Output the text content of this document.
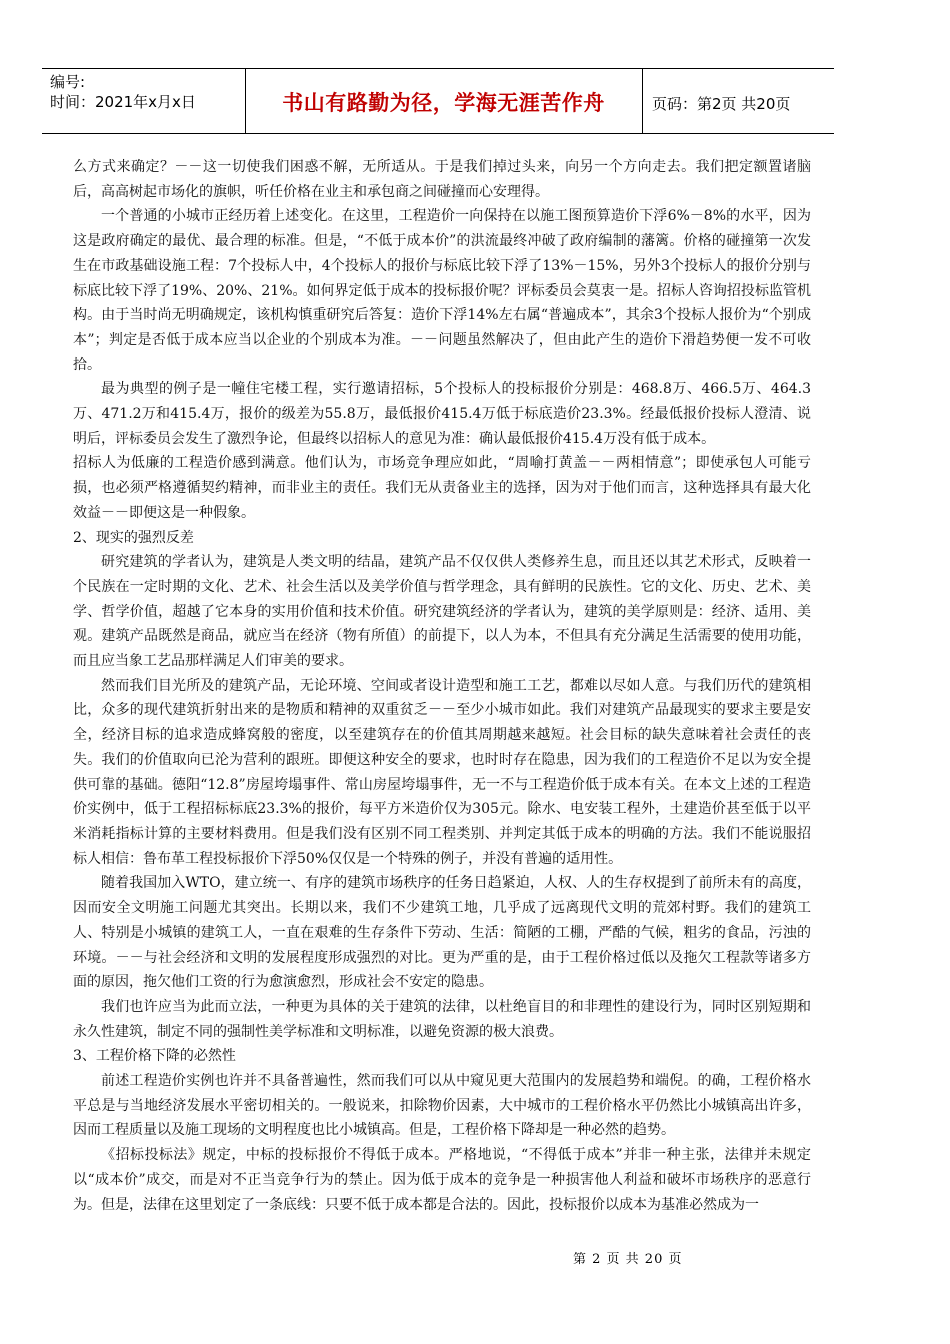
编号:
时间：2021年x月x日	书山有路勤为径，学海无涯苦作舟	页码：第2页 共20页

么方式来确定？－－这一切使我们困惑不解，无所适从。于是我们掉过头来，向另一个方向走去。我们把定额置诸脑后，高高树起市场化的旗帜，听任价格在业主和承包商之间碰撞而心安理得。

一个普通的小城市正经历着上述变化。在这里，工程造价一向保持在以施工图预算造价下浮6%－8%的水平，因为这是政府确定的最优、最合理的标准。但是，“不低于成本价”的洪流最终冲破了政府编制的藩篱。价格的碰撞第一次发生在市政基础设施工程：7个投标人中，4个投标人的报价与标底比较下浮了13%－15%，另外3个投标人的报价分别与标底比较下浮了19%、20%、21%。如何界定低于成本的投标报价呢？评标委员会莫衷一是。招标人咨询招投标监管机构。由于当时尚无明确规定，该机构慎重研究后答复：造价下浮14%左右属“普遍成本”，其余3个投标人报价为“个别成本”；判定是否低于成本应当以企业的个别成本为准。－－问题虽然解决了，但由此产生的造价下滑趋势便一发不可收拾。

最为典型的例子是一幢住宅楼工程，实行邀请招标，5个投标人的投标报价分别是：468.8万、466.5万、464.3万、471.2万和415.4万，报价的级差为55.8万，最低报价415.4万低于标底造价23.3%。经最低报价投标人澄清、说明后，评标委员会发生了激烈争论，但最终以招标人的意见为准：确认最低报价415.4万没有低于成本。

招标人为低廉的工程造价感到满意。他们认为，市场竞争理应如此，“周喻打黄盖－－两相情意”；即使承包人可能亏损，也必须严格遵循契约精神，而非业主的责任。我们无从责备业主的选择，因为对于他们而言，这种选择具有最大化效益－－即便这是一种假象。

2、现实的强烈反差

研究建筑的学者认为，建筑是人类文明的结晶，建筑产品不仅仅供人类修养生息，而且还以其艺术形式，反映着一个民族在一定时期的文化、艺术、社会生活以及美学价值与哲学理念，具有鲜明的民族性。它的文化、历史、艺术、美学、哲学价值，超越了它本身的实用价值和技术价值。研究建筑经济的学者认为，建筑的美学原则是：经济、适用、美观。建筑产品既然是商品，就应当在经济（物有所值）的前提下，以人为本，不但具有充分满足生活需要的使用功能，而且应当象工艺品那样满足人们审美的要求。

然而我们目光所及的建筑产品，无论环境、空间或者设计造型和施工工艺，都难以尽如人意。与我们历代的建筑相比，众多的现代建筑折射出来的是物质和精神的双重贫乏－－至少小城市如此。我们对建筑产品最现实的要求主要是安全，经济目标的追求造成蜂窝般的密度，以至建筑存在的价值其周期越来越短。社会目标的缺失意味着社会责任的丧失。我们的价值取向已沦为营利的跟班。即便这种安全的要求，也时时存在隐患，因为我们的工程造价不足以为安全提供可靠的基础。德阳“12.8”房屋垮塌事件、常山房屋垮塌事件，无一不与工程造价低于成本有关。在本文上述的工程造价实例中，低于工程招标标底23.3%的报价，每平方米造价仅为305元。除水、电安装工程外，土建造价甚至低于以平米消耗指标计算的主要材料费用。但是我们没有区别不同工程类别、并判定其低于成本的明确的方法。我们不能说服招标人相信：鲁布革工程投标报价下浮50%仅仅是一个特殊的例子，并没有普遍的适用性。

随着我国加入WTO，建立统一、有序的建筑市场秩序的任务日趋紧迫，人权、人的生存权提到了前所未有的高度，因而安全文明施工问题尤其突出。长期以来，我们不少建筑工地，几乎成了远离现代文明的荒郊村野。我们的建筑工人、特别是小城镇的建筑工人，一直在艰难的生存条件下劳动、生活：简陋的工棚，严酷的气候，粗劣的食品，污浊的环境。－－与社会经济和文明的发展程度形成强烈的对比。更为严重的是，由于工程价格过低以及拖欠工程款等诸多方面的原因，拖欠他们工资的行为愈演愈烈，形成社会不安定的隐患。

我们也许应当为此而立法，一种更为具体的关于建筑的法律，以杜绝盲目的和非理性的建设行为，同时区别短期和永久性建筑，制定不同的强制性美学标准和文明标准，以避免资源的极大浪费。

3、工程价格下降的必然性

前述工程造价实例也许并不具备普遍性，然而我们可以从中窥见更大范围内的发展趋势和端倪。的确，工程价格水平总是与当地经济发展水平密切相关的。一般说来，扣除物价因素，大中城市的工程价格水平仍然比小城镇高出许多，因而工程质量以及施工现场的文明程度也比小城镇高。但是，工程价格下降却是一种必然的趋势。

《招标投标法》规定，中标的投标报价不得低于成本。严格地说，“不得低于成本”并非一种主张，法律并未规定以“成本价”成交，而是对不正当竞争行为的禁止。因为低于成本的竞争是一种损害他人利益和破坏市场秩序的恶意行为。但是，法律在这里划定了一条底线：只要不低于成本都是合法的。因此，投标报价以成本为基准必然成为一

第 2 页 共 20 页
